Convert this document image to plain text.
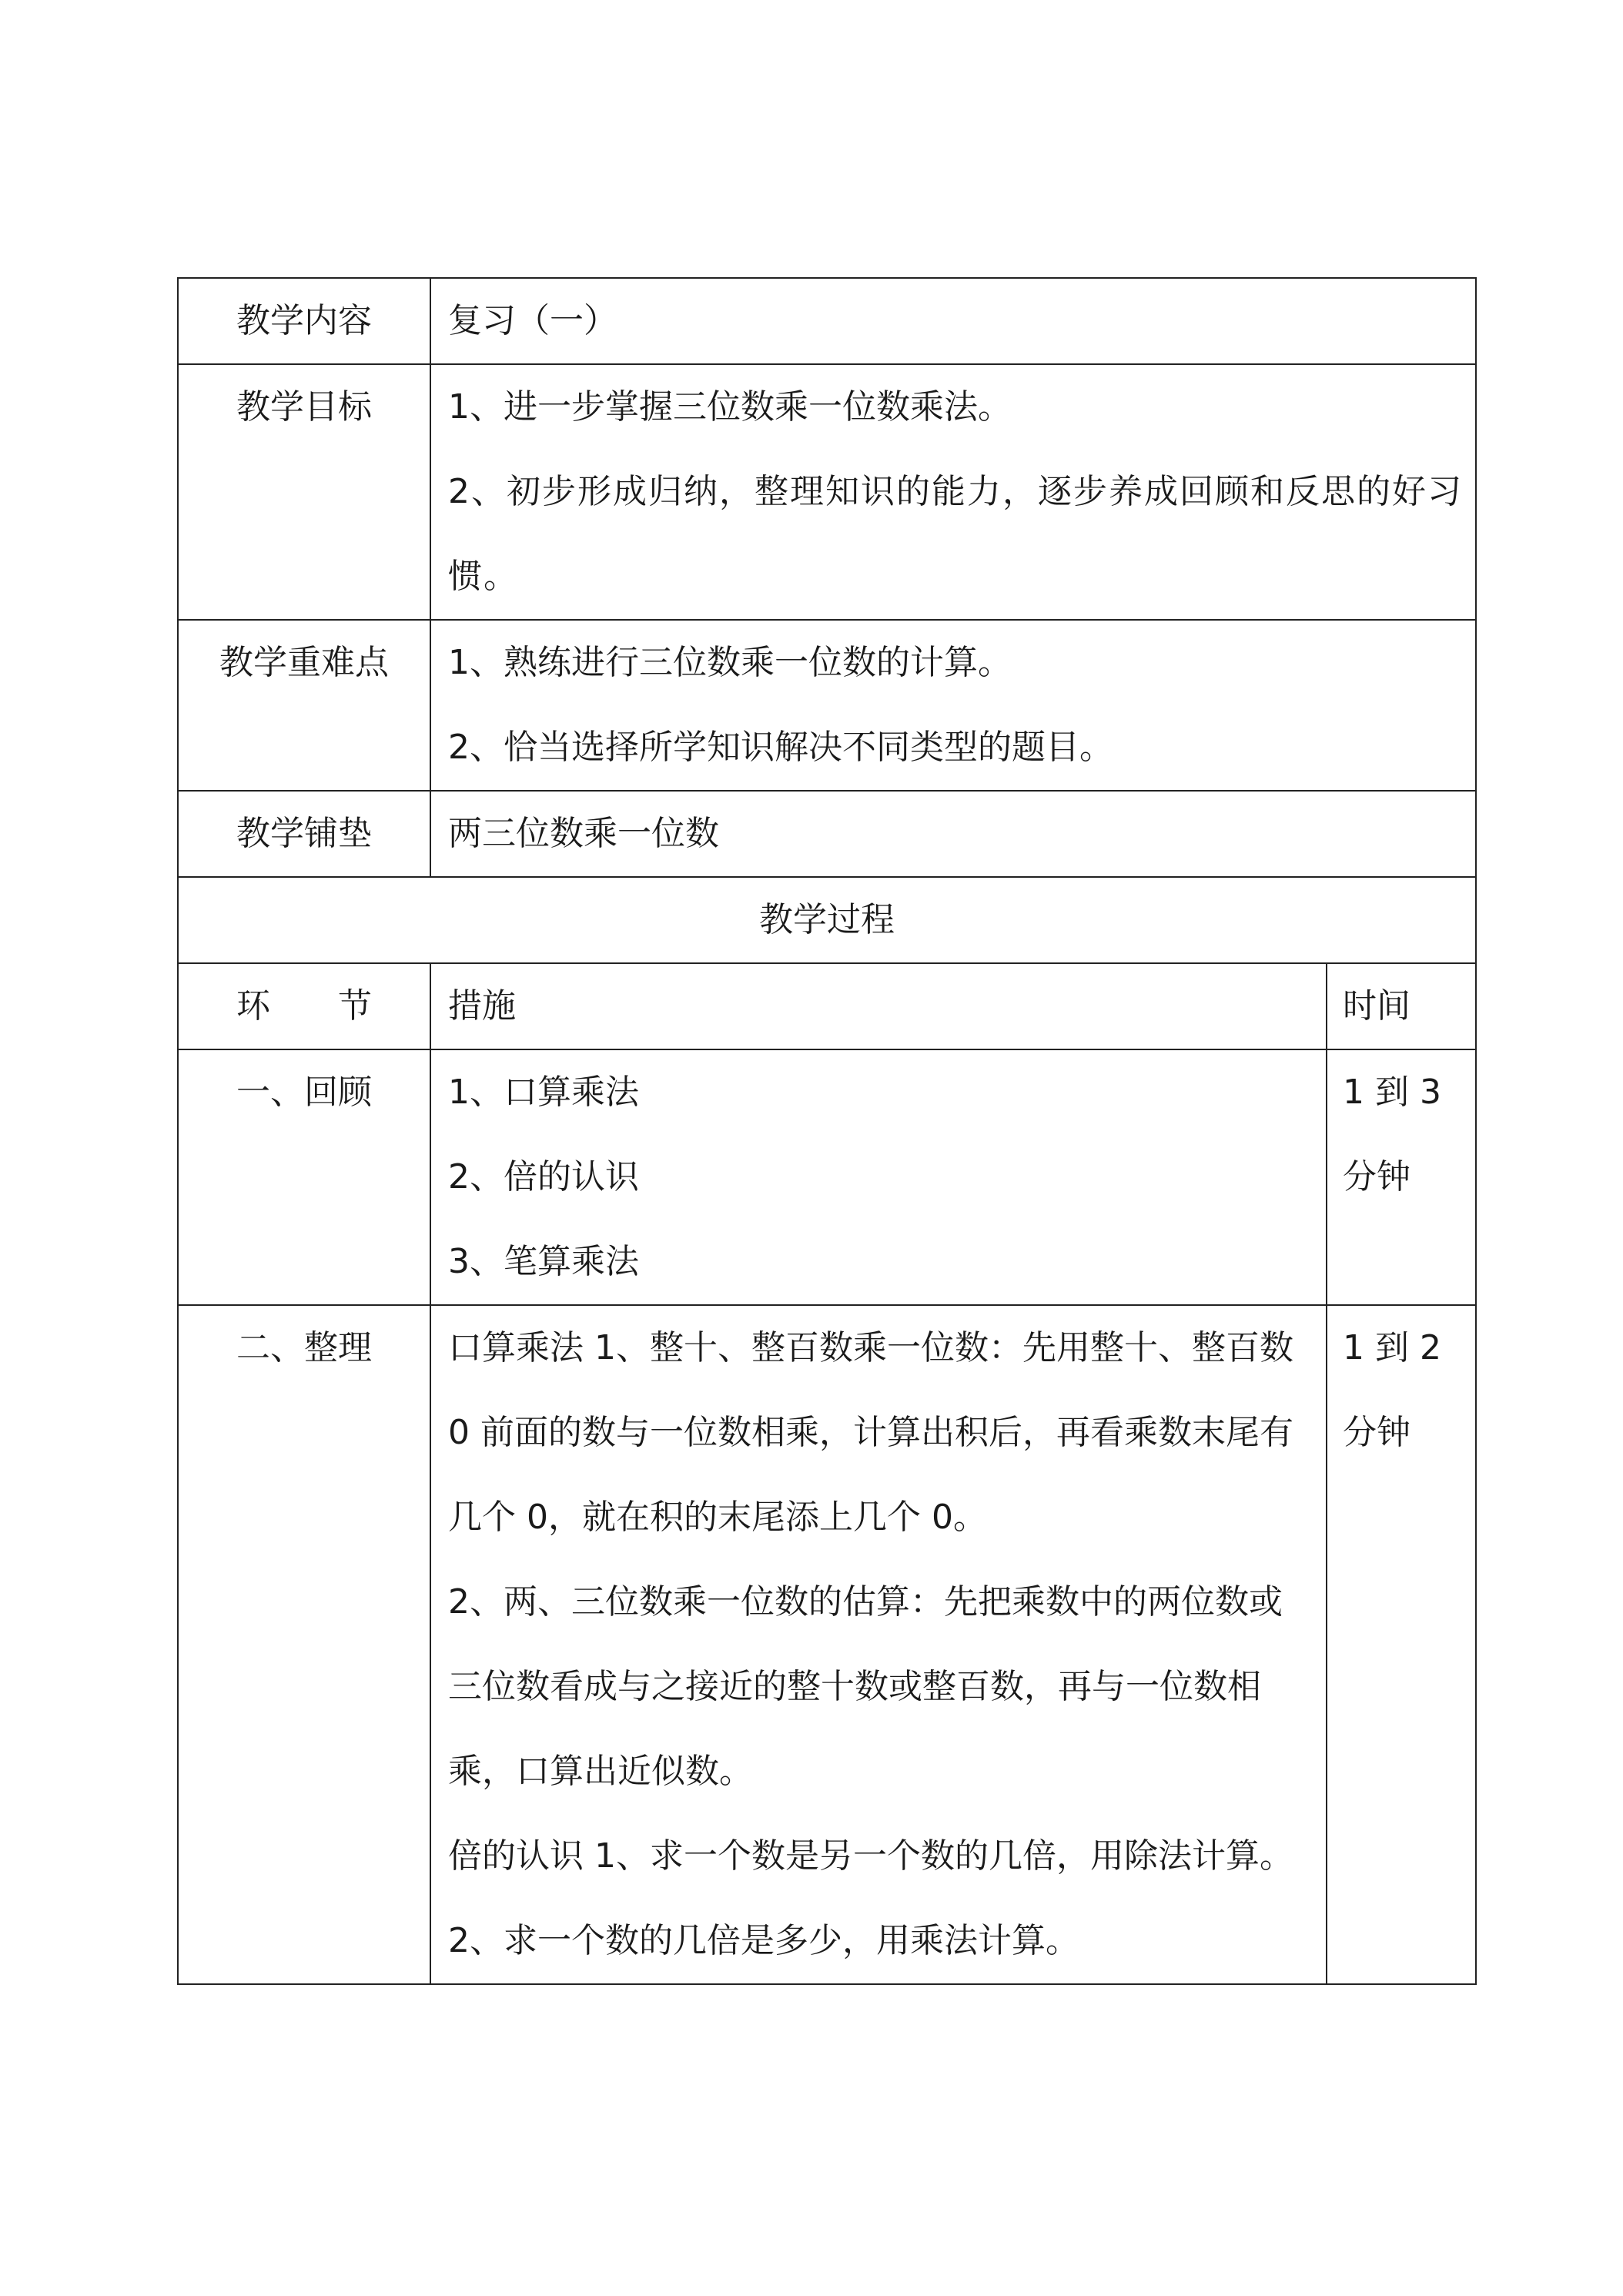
教学内容	复习（一）	

教学目标	1、进一步掌握三位数乘一位数乘法。
2、初步形成归纳，整理知识的能力，逐步养成回顾和反思的好习惯。	

教学重难点	1、熟练进行三位数乘一位数的计算。
2、恰当选择所学知识解决不同类型的题目。	

教学铺垫	两三位数乘一位数	

教学过程		
环　　节	措施	时间
一、回顾	1、口算乘法
2、倍的认识
3、笔算乘法	1 到 3 分钟
二、整理	口算乘法 1、整十、整百数乘一位数：先用整十、整百数 0 前面的数与一位数相乘，计算出积后，再看乘数末尾有几个 0，就在积的末尾添上几个 0。
2、两、三位数乘一位数的估算：先把乘数中的两位数或三位数看成与之接近的整十数或整百数，再与一位数相乘，口算出近似数。
倍的认识 1、求一个数是另一个数的几倍，用除法计算。
2、求一个数的几倍是多少，用乘法计算。	1 到 2 分钟
